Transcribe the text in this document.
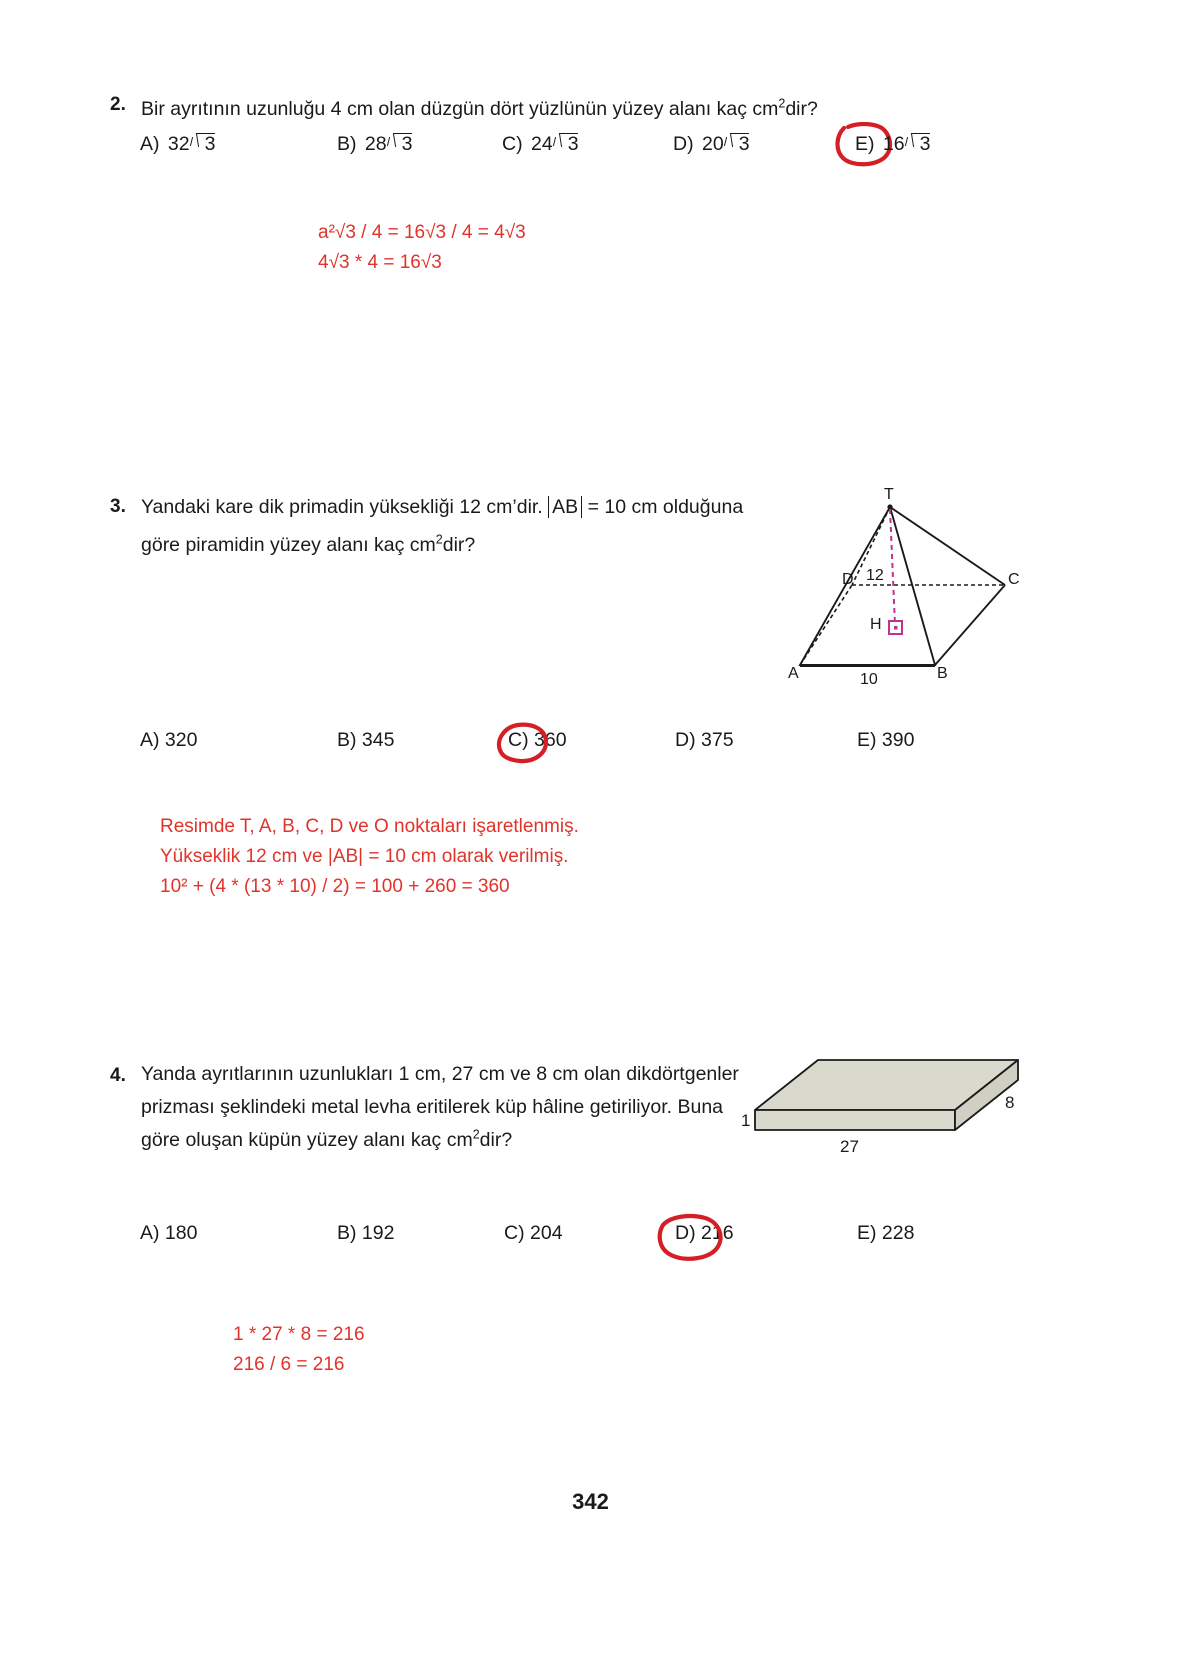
2. Bir ayrıtının uzunluğu 4 cm olan düzgün dört yüzlünün yüzey alanı kaç $cm^2dir$?
A) 32 3	B) 28 3	C) 24 3	D) 20 3	E) 16 3
a²√3 / 4 = 16√3 / 4 = 4√3
4√3 * 4 = 16√3
3. Yandaki kare dik primadin yüksekliği 12 cm’dir. AB = 10 cm olduğuna
göre piramidin yüzey alanı kaç $cm^2dir$?
T
D	C
A	B
H
12
10
A) 320	B) 345	C) 360	D) 375	E) 390
Resimde T, A, B, C, D ve O noktaları işaretlenmiş.
Yükseklik 12 cm ve |AB| = 10 cm olarak verilmiş.
10² + (4 * (13 * 10) / 2) = 100 + 260 = 360
4. Yanda ayrıtlarının uzunlukları 1 cm, 27 cm ve 8 cm olan dikdörtgenler
prizması şeklindeki metal levha eritilerek küp hâline getiriliyor. Buna
göre oluşan küpün yüzey alanı kaç $cm^2dir$?
1
27
8
A) 180	B) 192	C) 204	D) 216	E) 228
1 * 27 * 8 = 216
216 / 6 = 216
342
